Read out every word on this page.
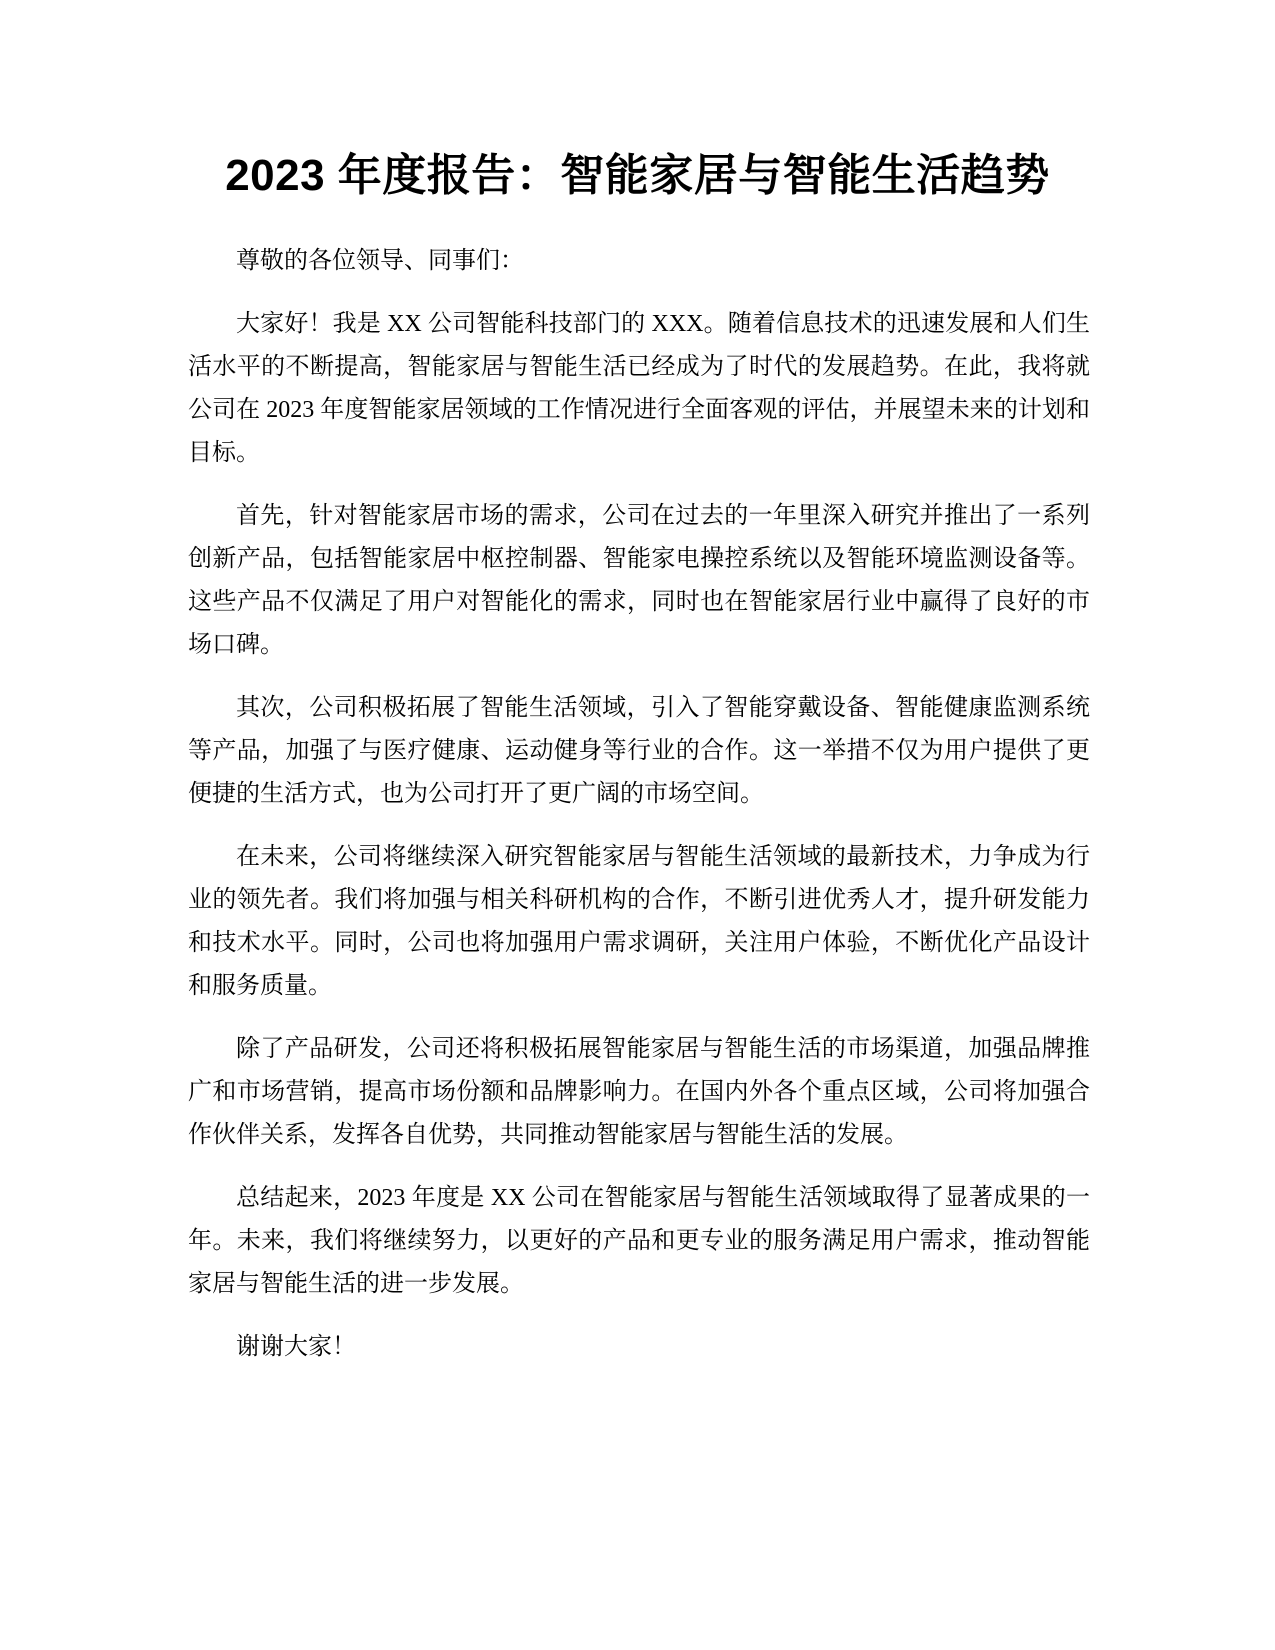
2023 年度报告：智能家居与智能生活趋势

尊敬的各位领导、同事们：

大家好！我是 XX 公司智能科技部门的 XXX。随着信息技术的迅速发展和人们生活水平的不断提高，智能家居与智能生活已经成为了时代的发展趋势。在此，我将就公司在 2023 年度智能家居领域的工作情况进行全面客观的评估，并展望未来的计划和目标。

首先，针对智能家居市场的需求，公司在过去的一年里深入研究并推出了一系列创新产品，包括智能家居中枢控制器、智能家电操控系统以及智能环境监测设备等。这些产品不仅满足了用户对智能化的需求，同时也在智能家居行业中赢得了良好的市场口碑。

其次，公司积极拓展了智能生活领域，引入了智能穿戴设备、智能健康监测系统等产品，加强了与医疗健康、运动健身等行业的合作。这一举措不仅为用户提供了更便捷的生活方式，也为公司打开了更广阔的市场空间。

在未来，公司将继续深入研究智能家居与智能生活领域的最新技术，力争成为行业的领先者。我们将加强与相关科研机构的合作，不断引进优秀人才，提升研发能力和技术水平。同时，公司也将加强用户需求调研，关注用户体验，不断优化产品设计和服务质量。

除了产品研发，公司还将积极拓展智能家居与智能生活的市场渠道，加强品牌推广和市场营销，提高市场份额和品牌影响力。在国内外各个重点区域，公司将加强合作伙伴关系，发挥各自优势，共同推动智能家居与智能生活的发展。

总结起来，2023 年度是 XX 公司在智能家居与智能生活领域取得了显著成果的一年。未来，我们将继续努力，以更好的产品和更专业的服务满足用户需求，推动智能家居与智能生活的进一步发展。

谢谢大家！
